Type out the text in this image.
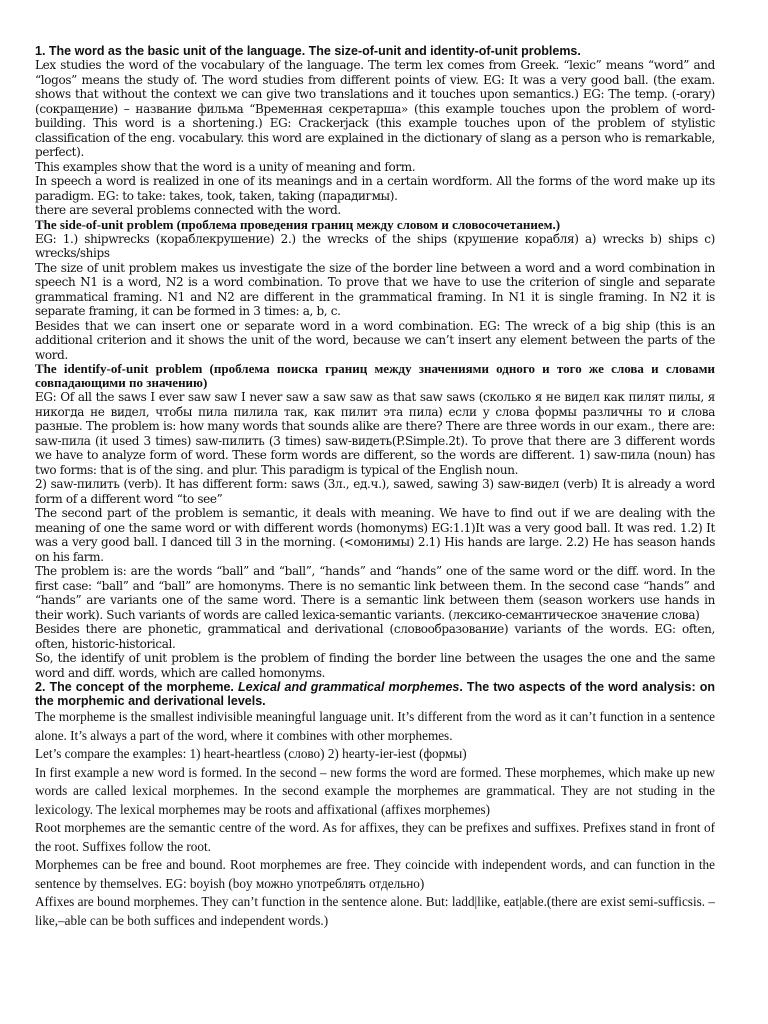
1. The word as the basic unit of the language. The size-of-unit and identity-of-unit problems.

Lex studies the word of the vocabulary of the language. The term lex comes from Greek. “lexic” means “word” and “logos” means the study of. The word studies from different points of view. EG: It was a very good ball. (the exam. shows that without the context we can give two translations and it touches upon semantics.) EG: The temp. (-orary)(сокращение) – название фильма “Временная секретарша» (this example touches upon the problem of word-building. This word is a shortening.) EG: Crackerjack (this example touches upon of the problem of stylistic classification of the eng. vocabulary. this word are explained in the dictionary of slang as a person who is remarkable, perfect).

This examples show that the word is a unity of meaning and form.

In speech a word is realized in one of its meanings and in a certain wordform. All the forms of the word make up its paradigm. EG: to take: takes, took, taken, taking (парадигмы).

there are several problems connected with the word.

The side-of-unit problem (проблема проведения границ между словом и словосочетанием.)

EG: 1.) shipwrecks (кораблекрушение) 2.) the wrecks of the ships (крушение корабля) a) wrecks b) ships c) wrecks/ships

The size of unit problem makes us investigate the size of the border line between a word and a word combination in speech N1 is a word, N2 is a word combination. To prove that we have to use the criterion of single and separate grammatical framing. N1 and N2 are different in the grammatical framing. In N1 it is single framing. In N2 it is separate framing, it can be formed in 3 times: a, b, c.

Besides that we can insert one or separate word in a word combination. EG: The wreck of a big ship (this is an additional criterion and it shows the unit of the word, because we can’t insert any element between the parts of the word.

The identify-of-unit problem (проблема поиска границ между значениями одного и того же слова и словами совпадающими по значению)

EG: Of all the saws I ever saw saw I never saw a saw saw as that saw saws (сколько я не видел как пилят пилы, я никогда не видел, чтобы пила пилила так, как пилит эта пила) если у слова формы различны то и слова разные. The problem is: how many words that sounds alike are there? There are three words in our exam., there are: saw-пила (it used 3 times) saw-пилить (3 times) saw-видеть(P.Simple.2t). To prove that there are 3 different words we have to analyze form of word. These form words are different, so the words are different. 1) saw-пила (noun) has two forms: that is of the sing. and plur. This paradigm is typical of the English noun.

2) saw-пилить (verb). It has different form: saws (3л., ед.ч.), sawed, sawing 3) saw-видел (verb) It is already a word form of a different word “to see”

The second part of the problem is semantic, it deals with meaning. We have to find out if we are dealing with the meaning of one the same word or with different words (homonyms) EG:1.1)It was a very good ball. It was red. 1.2) It was a very good ball. I danced till 3 in the morning. (<омонимы) 2.1) His hands are large. 2.2) He has season hands on his farm.

The problem is: are the words “ball” and “ball”, “hands” and “hands” one of the same word or the diff. word. In the first case: “ball” and “ball” are homonyms. There is no semantic link between them. In the second case “hands” and “hands” are variants one of the same word. There is a semantic link between them (season workers use hands in their work). Such variants of words are called lexica-semantic variants. (лексико-семантическое значение слова)

Besides there are phonetic, grammatical and derivational (словообразование) variants of the words. EG: often, often, historic-historical.

So, the identify of unit problem is the problem of finding the border line between the usages the one and the same word and diff. words, which are called homonyms.

2. The concept of the morpheme. Lexical and grammatical morphemes. The two aspects of the word analysis: on the morphemic and derivational levels.

The morpheme is the smallest indivisible meaningful language unit. It’s different from the word as it can’t function in a sentence alone. It’s always a part of the word, where it combines with other morphemes.

Let’s compare the examples: 1) heart-heartless (слово) 2) hearty-ier-iest (формы)

In first example a new word is formed. In the second – new forms the word are formed. These morphemes, which make up new words are called lexical morphemes. In the second example the morphemes are grammatical. They are not studing in the lexicology. The lexical morphemes may be roots and affixational (affixes morphemes)

Root morphemes are the semantic centre of the word. As for affixes, they can be prefixes and suffixes. Prefixes stand in front of the root. Suffixes follow the root.

Morphemes can be free and bound. Root morphemes are free. They coincide with independent words, and can function in the sentence by themselves. EG: boyish (boy можно употреблять отдельно)

Affixes are bound morphemes. They can’t function in the sentence alone. But: ladd|like, eat|able.(there are exist semi-sufficsis. –like,–able can be both suffices and independent words.)
